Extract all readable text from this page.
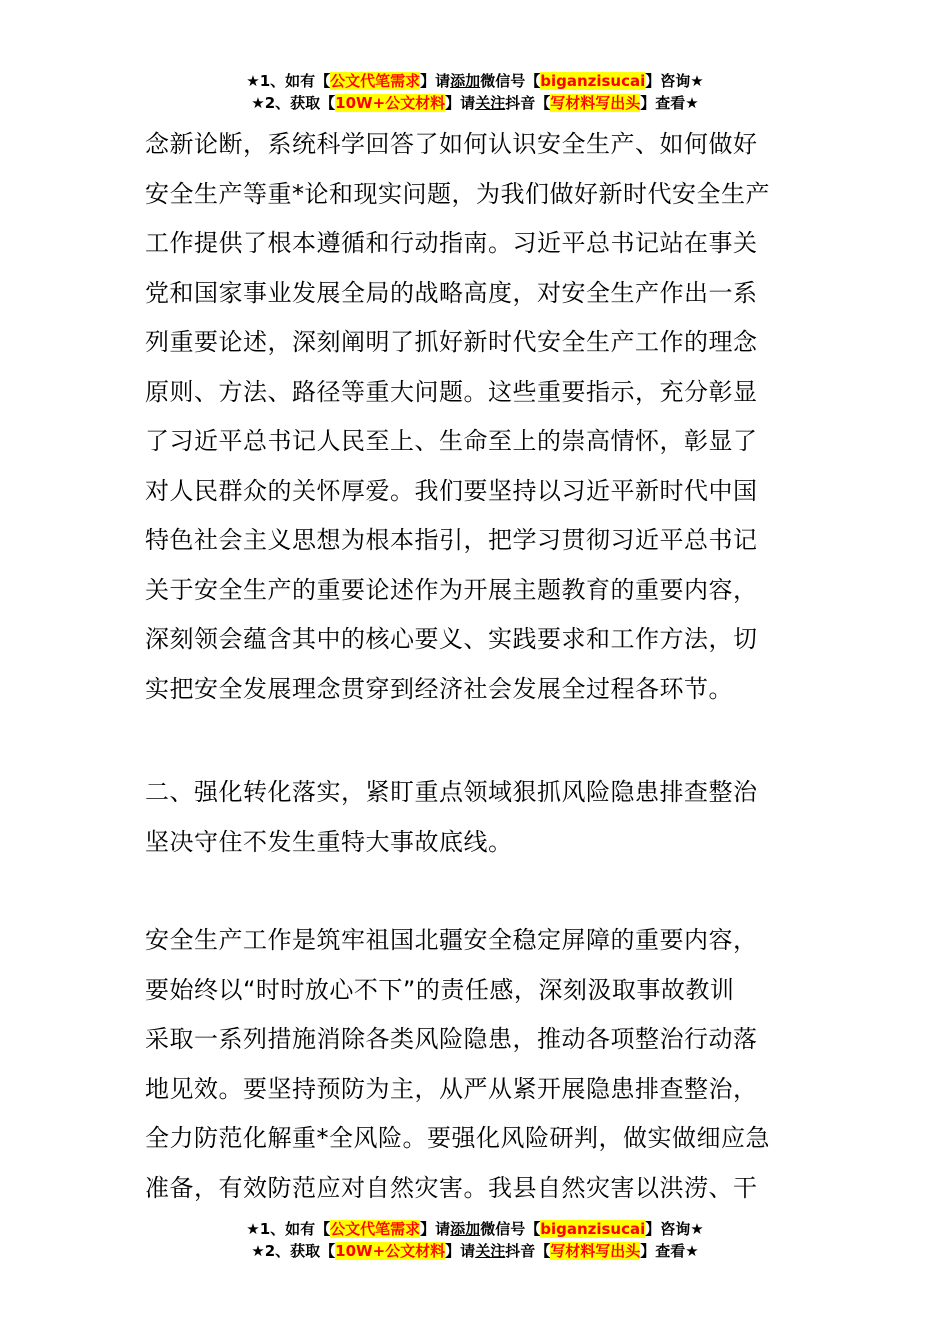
★1、如有【公文代笔需求】请添加微信号【biganzisucai】咨询★
★2、获取【10W+公文材料】请关注抖音【写材料写出头】查看★
念新论断，系统科学回答了如何认识安全生产、如何做好
安全生产等重*论和现实问题，为我们做好新时代安全生产
工作提供了根本遵循和行动指南。习近平总书记站在事关
党和国家事业发展全局的战略高度，对安全生产作出一系
列重要论述，深刻阐明了抓好新时代安全生产工作的理念
原则、方法、路径等重大问题。这些重要指示，充分彰显
了习近平总书记人民至上、生命至上的崇高情怀，彰显了
对人民群众的关怀厚爱。我们要坚持以习近平新时代中国
特色社会主义思想为根本指引，把学习贯彻习近平总书记
关于安全生产的重要论述作为开展主题教育的重要内容，
深刻领会蕴含其中的核心要义、实践要求和工作方法，切
实把安全发展理念贯穿到经济社会发展全过程各环节。
二、强化转化落实，紧盯重点领域狠抓风险隐患排查整治
坚决守住不发生重特大事故底线。
安全生产工作是筑牢祖国北疆安全稳定屏障的重要内容，
要始终以“时时放心不下”的责任感，深刻汲取事故教训
采取一系列措施消除各类风险隐患，推动各项整治行动落
地见效。要坚持预防为主，从严从紧开展隐患排查整治，
全力防范化解重*全风险。要强化风险研判，做实做细应急
准备，有效防范应对自然灾害。我县自然灾害以洪涝、干
★1、如有【公文代笔需求】请添加微信号【biganzisucai】咨询★
★2、获取【10W+公文材料】请关注抖音【写材料写出头】查看★
